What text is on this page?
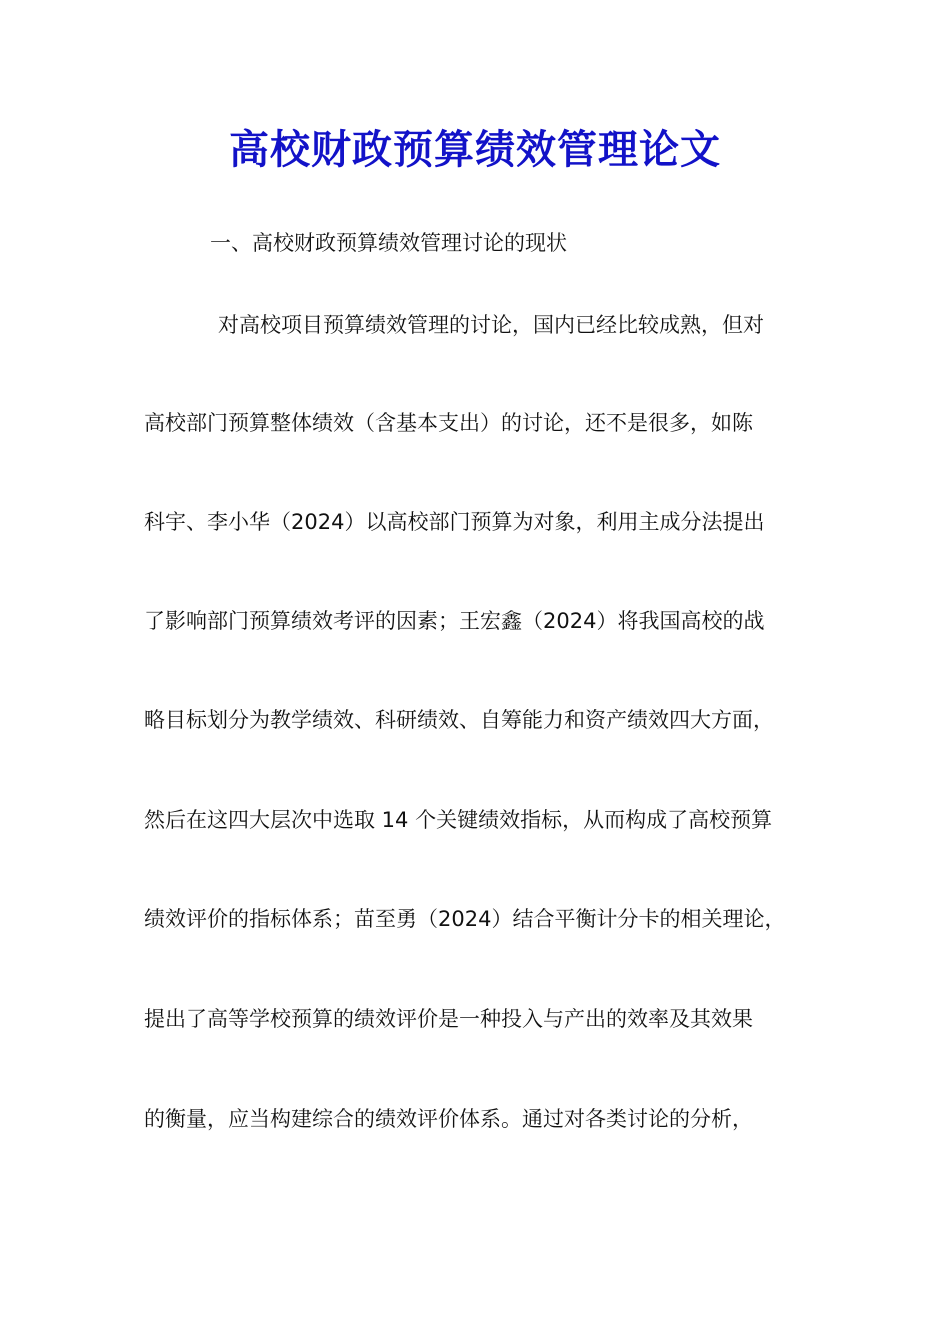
高校财政预算绩效管理论文

一、高校财政预算绩效管理讨论的现状

对高校项目预算绩效管理的讨论，国内已经比较成熟，但对

高校部门预算整体绩效（含基本支出）的讨论，还不是很多，如陈

科宇、李小华（2024）以高校部门预算为对象，利用主成分法提出

了影响部门预算绩效考评的因素；王宏鑫（2024）将我国高校的战

略目标划分为教学绩效、科研绩效、自筹能力和资产绩效四大方面，

然后在这四大层次中选取 14 个关键绩效指标，从而构成了高校预算

绩效评价的指标体系；苗至勇（2024）结合平衡计分卡的相关理论，

提出了高等学校预算的绩效评价是一种投入与产出的效率及其效果

的衡量，应当构建综合的绩效评价体系。通过对各类讨论的分析，
